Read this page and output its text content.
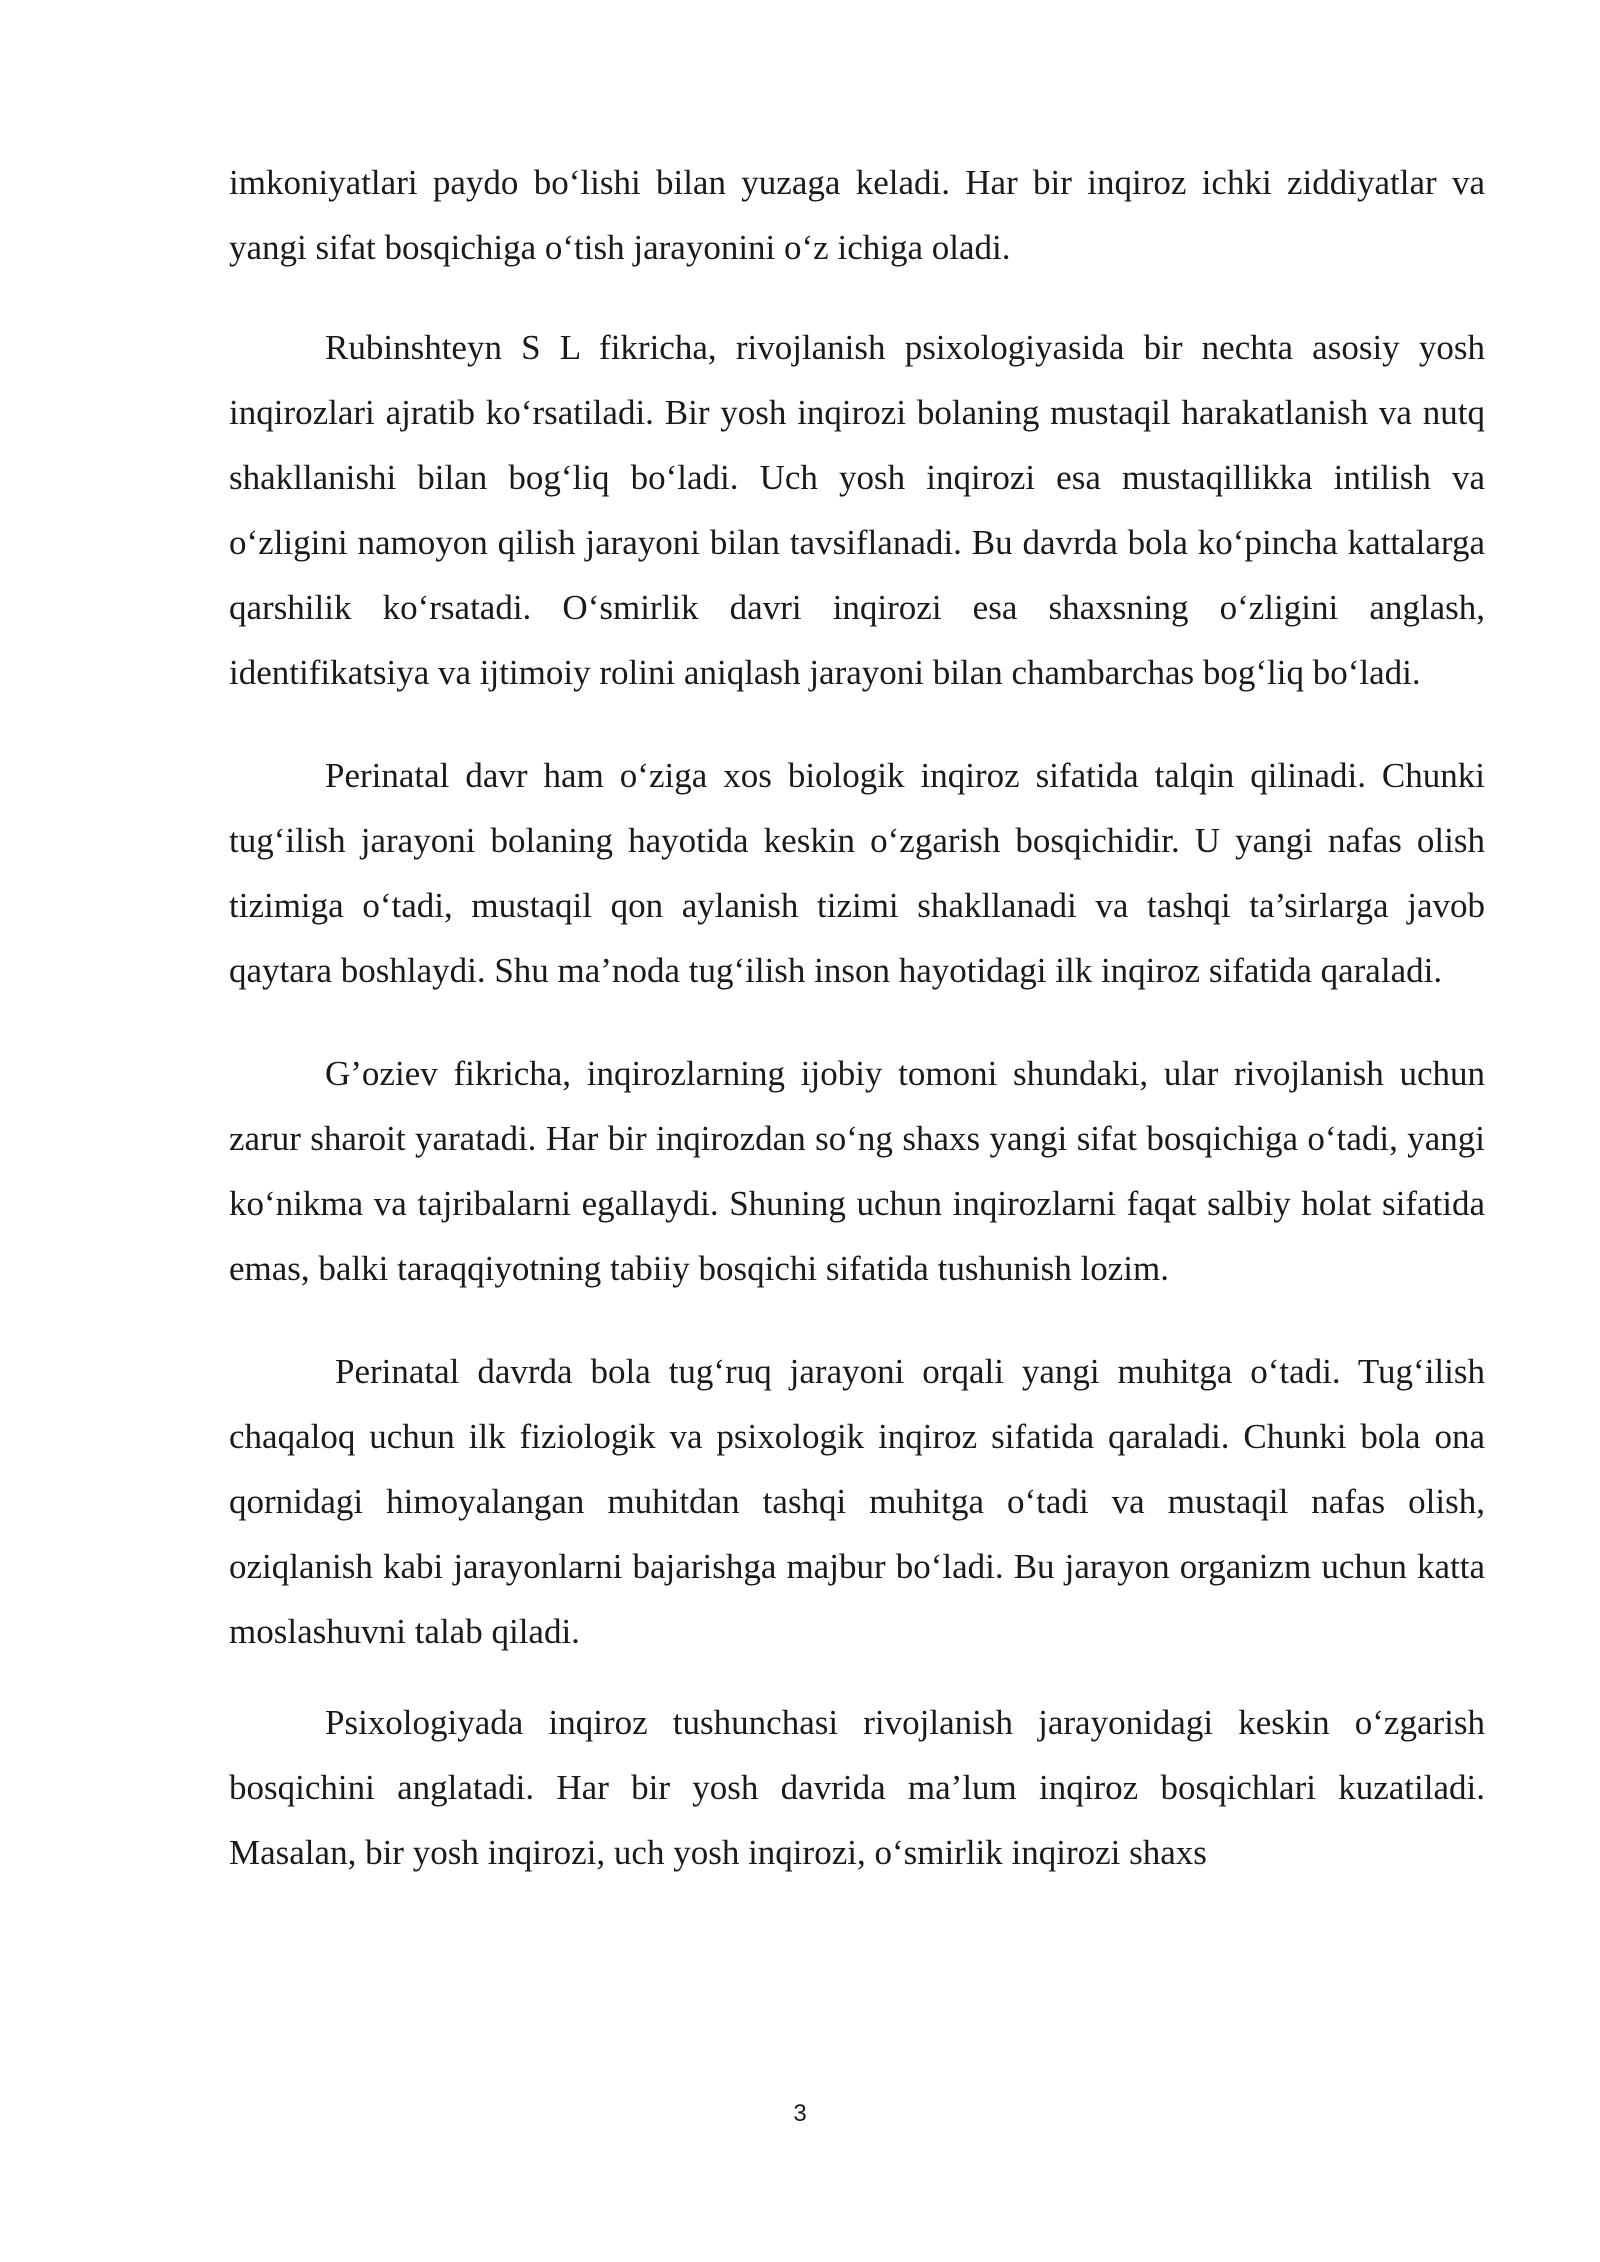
imkoniyatlari paydo bo‘lishi bilan yuzaga keladi. Har bir inqiroz ichki ziddiyatlar va yangi sifat bosqichiga o‘tish jarayonini o‘z ichiga oladi.

Rubinshteyn S L fikricha, rivojlanish psixologiyasida bir nechta asosiy yosh inqirozlari ajratib ko‘rsatiladi. Bir yosh inqirozi bolaning mustaqil harakatlanish va nutq shakllanishi bilan bog‘liq bo‘ladi. Uch yosh inqirozi esa mustaqillikka intilish va o‘zligini namoyon qilish jarayoni bilan tavsiflanadi. Bu davrda bola ko‘pincha kattalarga qarshilik ko‘rsatadi. O‘smirlik davri inqirozi esa shaxsning o‘zligini anglash, identifikatsiya va ijtimoiy rolini aniqlash jarayoni bilan chambarchas bog‘liq bo‘ladi.

Perinatal davr ham o‘ziga xos biologik inqiroz sifatida talqin qilinadi. Chunki tug‘ilish jarayoni bolaning hayotida keskin o‘zgarish bosqichidir. U yangi nafas olish tizimiga o‘tadi, mustaqil qon aylanish tizimi shakllanadi va tashqi ta’sirlarga javob qaytara boshlaydi. Shu ma’noda tug‘ilish inson hayotidagi ilk inqiroz sifatida qaraladi.

G’oziev fikricha, inqirozlarning ijobiy tomoni shundaki, ular rivojlanish uchun zarur sharoit yaratadi. Har bir inqirozdan so‘ng shaxs yangi sifat bosqichiga o‘tadi, yangi ko‘nikma va tajribalarni egallaydi. Shuning uchun inqirozlarni faqat salbiy holat sifatida emas, balki taraqqiyotning tabiiy bosqichi sifatida tushunish lozim.

Perinatal davrda bola tug‘ruq jarayoni orqali yangi muhitga o‘tadi. Tug‘ilish chaqaloq uchun ilk fiziologik va psixologik inqiroz sifatida qaraladi. Chunki bola ona qornidagi himoyalangan muhitdan tashqi muhitga o‘tadi va mustaqil nafas olish, oziqlanish kabi jarayonlarni bajarishga majbur bo‘ladi. Bu jarayon organizm uchun katta moslashuvni talab qiladi.

Psixologiyada inqiroz tushunchasi rivojlanish jarayonidagi keskin o‘zgarish bosqichini anglatadi. Har bir yosh davrida ma’lum inqiroz bosqichlari kuzatiladi. Masalan, bir yosh inqirozi, uch yosh inqirozi, o‘smirlik inqirozi shaxs

3
